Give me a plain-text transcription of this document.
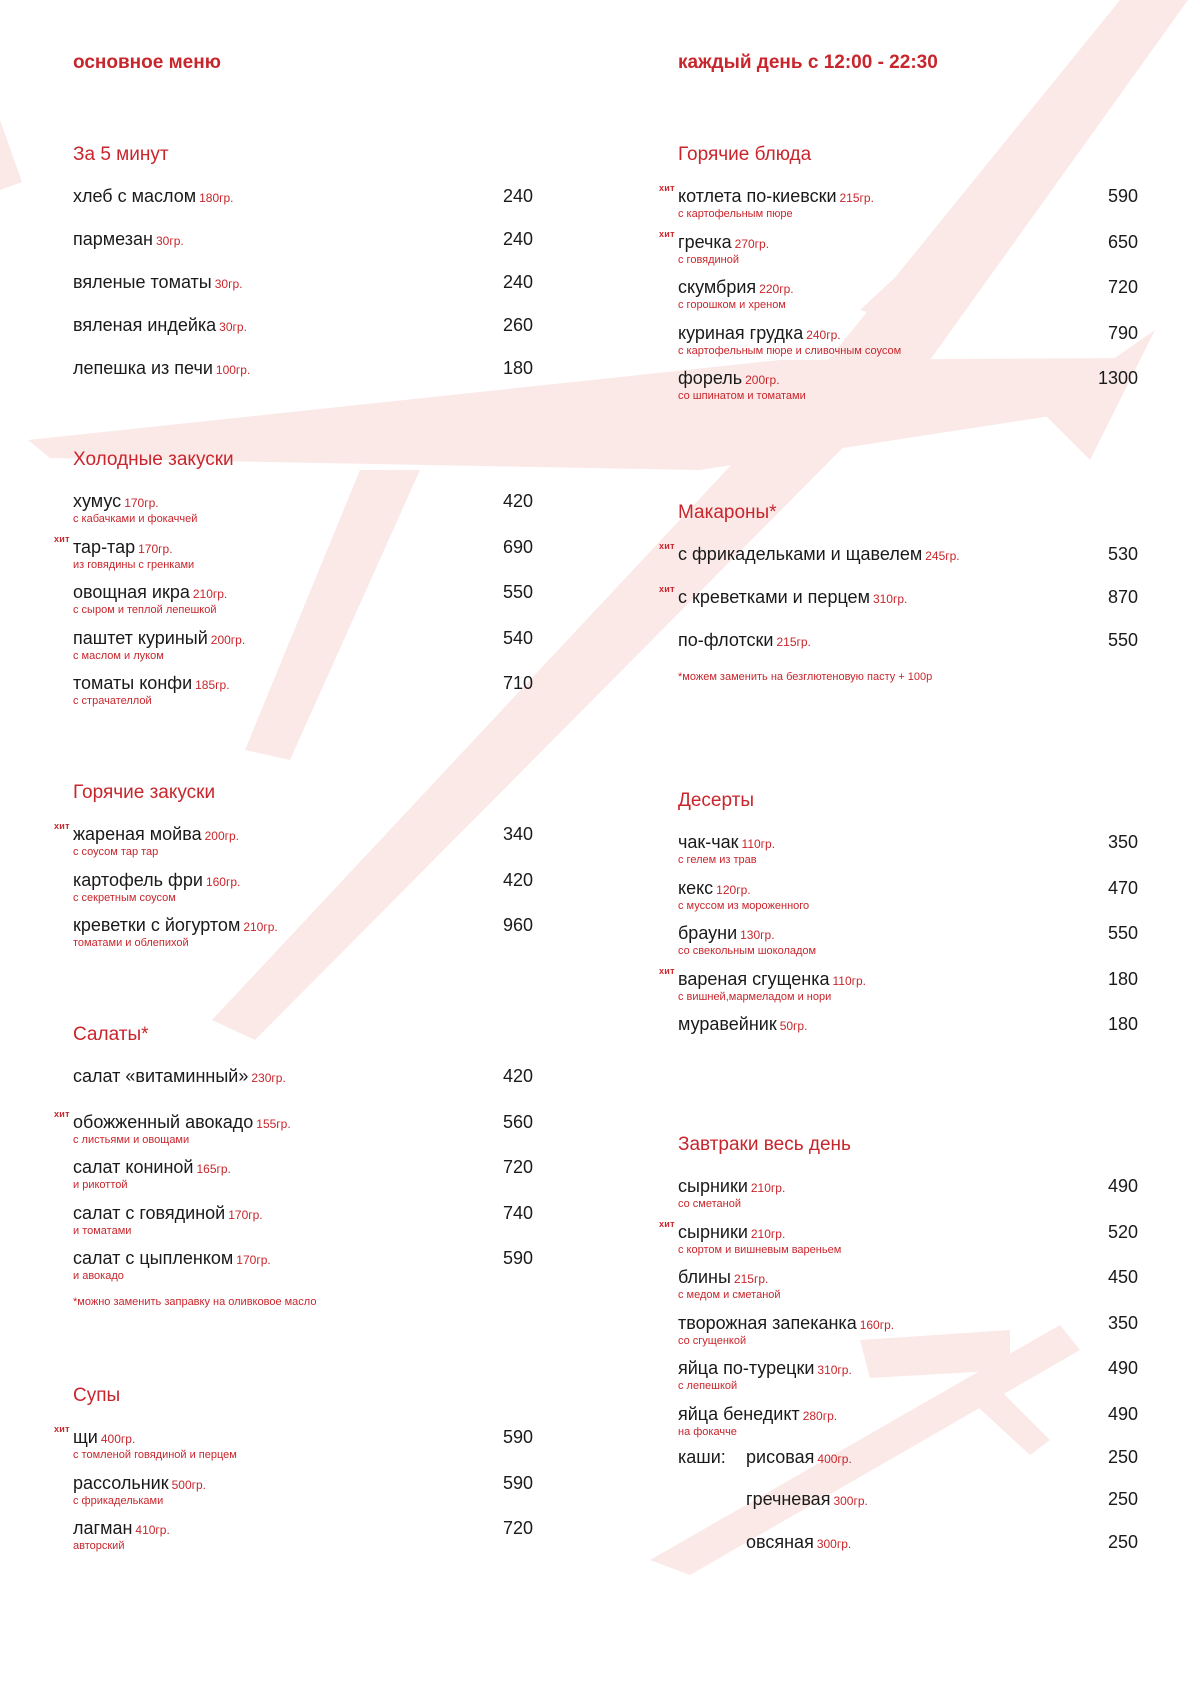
основное меню	каждый день с 12:00 - 22:30
За 5 минут
хлеб с маслом 180гр.	240
пармезан 30гр.	240
вяленые томаты 30гр.	240
вяленая индейка 30гр.	260
лепешка из печи 100гр.	180
Холодные закуски
хумус 170гр.	420
с кабачками и фокаччей
хит тар-тар 170гр.	690
из говядины с гренками
овощная икра 210гр.	550
с сыром и теплой лепешкой
паштет куриный 200гр.	540
с маслом и луком
томаты конфи 185гр.	710
с страчателлой
Горячие закуски
хит жареная мойва 200гр.	340
с соусом тар тар
картофель фри 160гр.	420
с секретным соусом
креветки с йогуртом 210гр.	960
томатами и облепихой
Салаты*
салат «витаминный» 230гр.	420
хит обожженный авокадо 155гр.	560
с листьями и овощами
салат кониной 165гр.	720
и рикоттой
салат с говядиной 170гр.	740
и томатами
салат с цыпленком 170гр.	590
и авокадо
*можно заменить заправку на оливковое масло
Супы
хит щи 400гр.	590
с томленой говядиной и перцем
рассольник 500гр.	590
с фрикадельками
лагман 410гр.	720
авторский
Горячие блюда
хит котлета по-киевски 215гр.	590
с картофельным пюре
хит гречка 270гр.	650
с говядиной
скумбрия 220гр.	720
с горошком и хреном
куриная грудка 240гр.	790
с картофельным пюре и сливочным соусом
форель 200гр.	1300
со шпинатом и томатами
Макароны*
хит с фрикадельками и щавелем 245гр.	530
хит с креветками и перцем 310гр.	870
по-флотски 215гр.	550
*можем заменить на безглютеновую пасту + 100р
Десерты
чак-чак 110гр.	350
с гелем из трав
кекс 120гр.	470
с муссом из мороженного
брауни 130гр.	550
со свекольным шоколадом
хит вареная сгущенка 110гр.	180
с вишней,мармеладом и нори
муравейник 50гр.	180
Завтраки весь день
сырники 210гр.	490
со сметаной
хит сырники 210гр.	520
с кортом и вишневым вареньем
блины 215гр.	450
с медом и сметаной
творожная запеканка 160гр.	350
со сгущенкой
яйца по-турецки 310гр.	490
с лепешкой
яйца бенедикт 280гр.	490
на фокаччe
каши: рисовая 400гр.	250
гречневая 300гр.	250
овсяная 300гр.	250
